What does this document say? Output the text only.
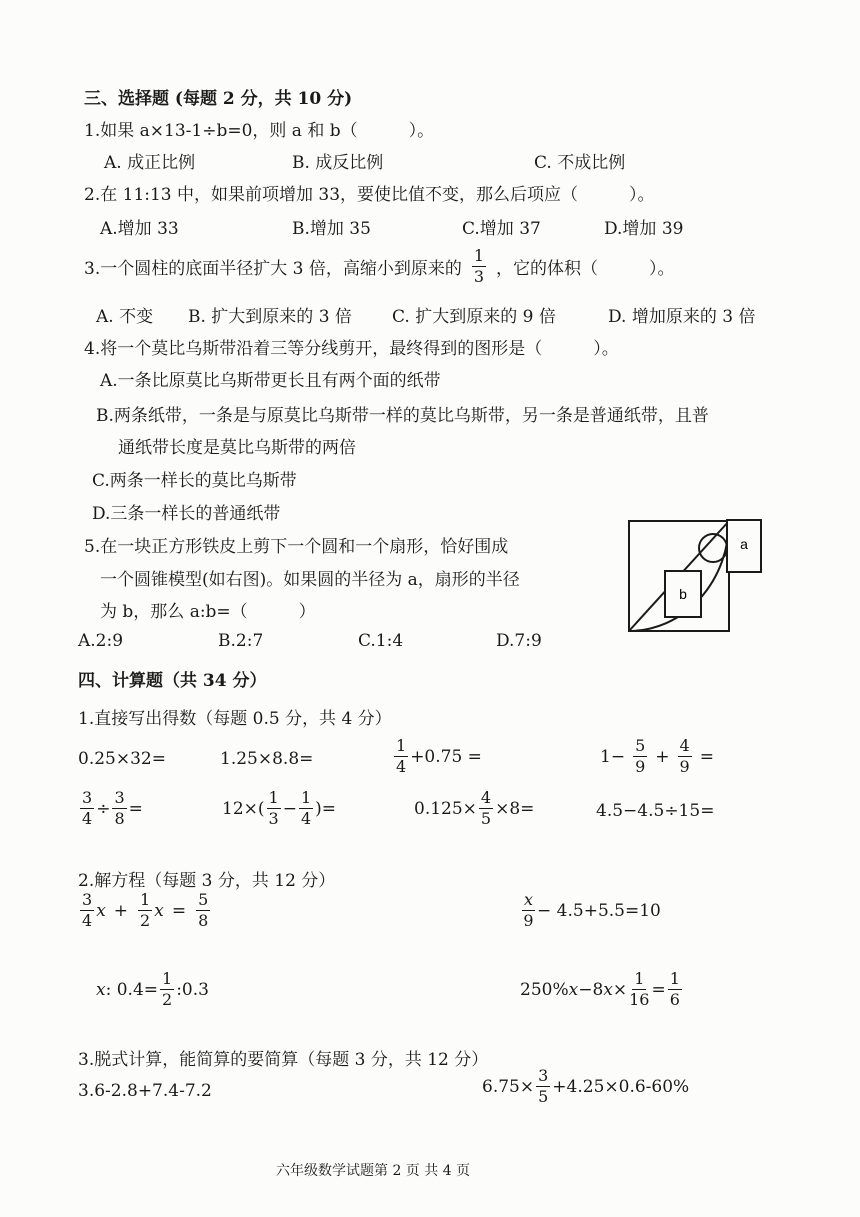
三、选择题 (每题 2 分，共 10 分)
1.如果 a×13-1÷b=0，则 a 和 b（　　　）。
A. 成正比例	B. 成反比例	C. 不成比例
2.在 11:13 中，如果前项增加 33，要使比值不变，那么后项应（　　　）。
A.增加 33	B.增加 35	C.增加 37	D.增加 39
3.一个圆柱的底面半径扩大 3 倍，高缩小到原来的 $\frac{1}{3}$ ，它的体积（　　　）。
A. 不变 B. 扩大到原来的 3 倍 C. 扩大到原来的 9 倍	D. 增加原来的 3 倍
4.将一个莫比乌斯带沿着三等分线剪开，最终得到的图形是（　　　）。
A.一条比原莫比乌斯带更长且有两个面的纸带
B.两条纸带，一条是与原莫比乌斯带一样的莫比乌斯带，另一条是普通纸带，且普
通纸带长度是莫比乌斯带的两倍
C.两条一样长的莫比乌斯带
D.三条一样长的普通纸带
5.在一块正方形铁皮上剪下一个圆和一个扇形，恰好围成
一个圆锥模型(如右图)。如果圆的半径为 a，扇形的半径
为 b，那么 a:b=（　　　）
A.2:9	B.2:7	C.1:4	D.7:9
a
b
四、计算题（共 34 分）
1.直接写出得数（每题 0.5 分，共 4 分）
0.25×32=	1.25×8.8=	$\frac{1}{4} +0.75$ =	$1- \frac{5}{9} + \frac{4}{9}$ =
$\frac{3}{4} \div \frac{3}{8}$ =	$12\times( \frac{1}{3} - \frac{1}{4}$ )=	$0.125\times \frac{4}{5} \times 8=$	4.5−4.5÷15=
2.解方程（每题 3 分，共 12 分）
$\frac{3}{4}$ $x + \frac{1}{2}$ $x = \frac{5}{8}$	$\frac{x}{9} - 4.5+5.5=10$
x : $0.4= \frac{1}{2}$ :0.3	250% x −8 $x \times \frac{1}{16} = \frac{1}{6}$
3.脱式计算，能简算的要简算（每题 3 分，共 12 分）
3.6-2.8+7.4-7.2	$6.75\times \frac{3}{5} +4.25\times 0.6-60\%$
六年级数学试题第 2 页 共 4 页
